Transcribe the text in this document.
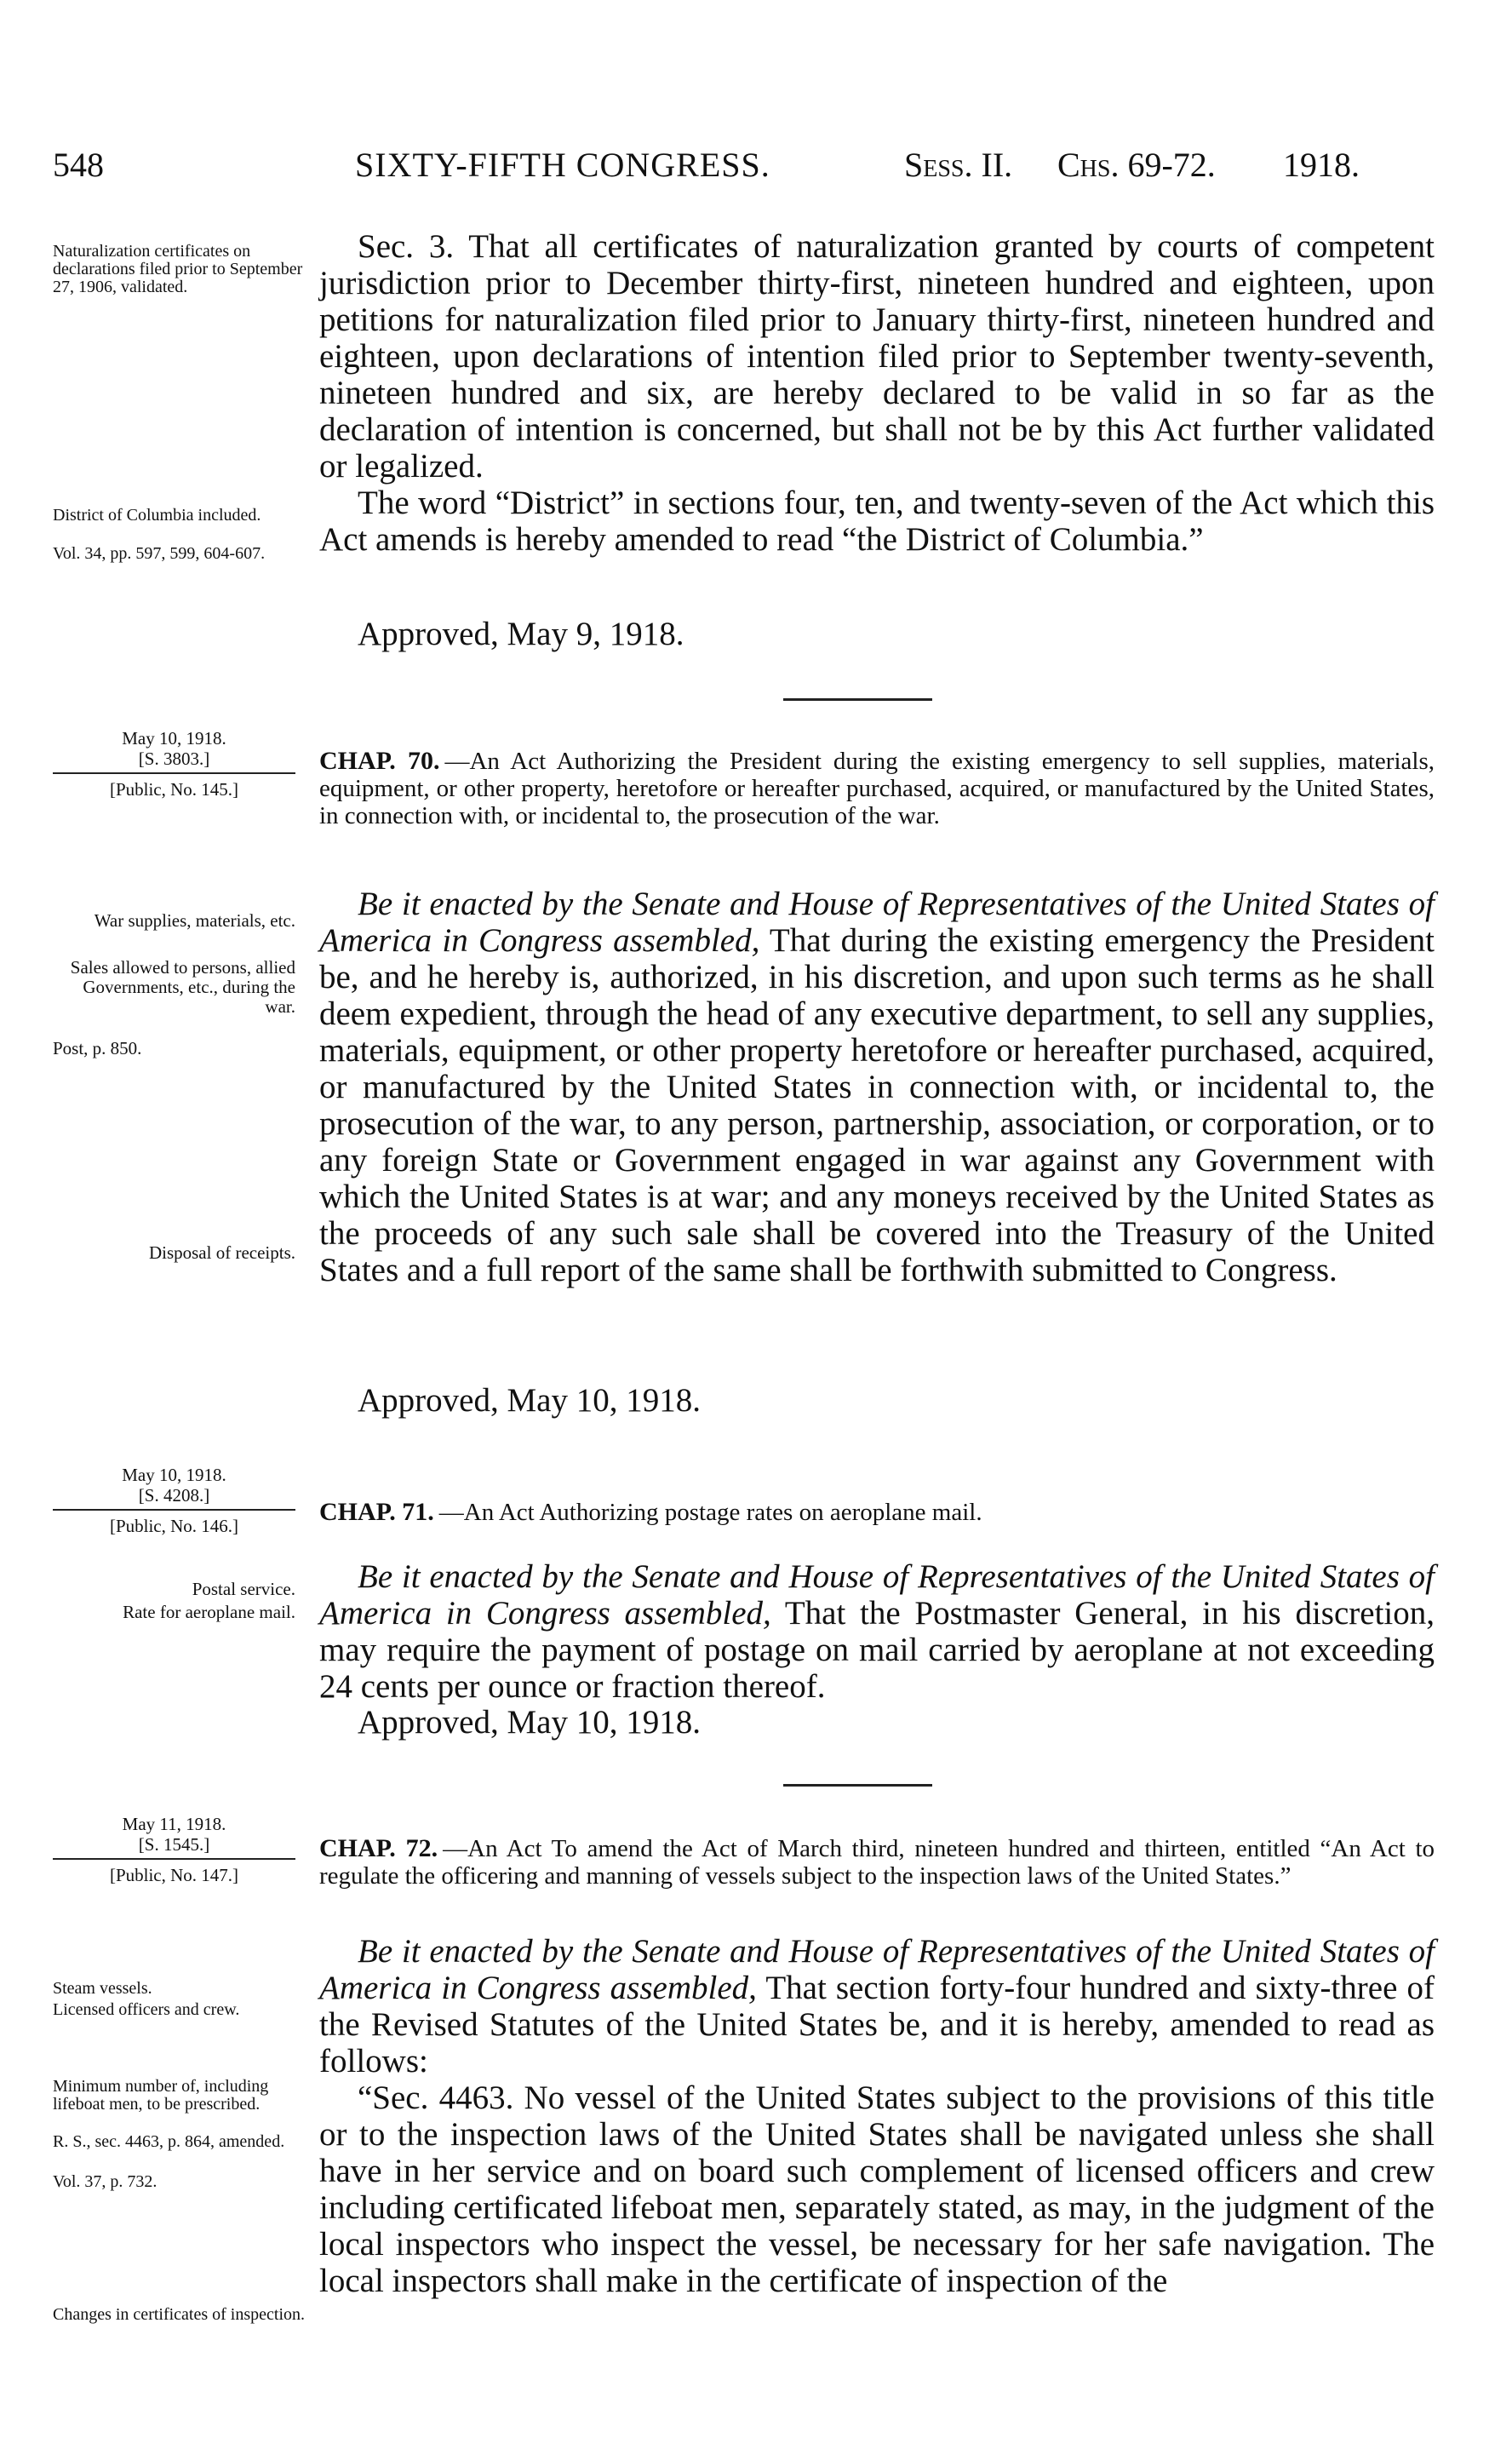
548	SIXTY-FIFTH CONGRESS.	Sess. II. Chs. 69-72. 1918.
Naturalization certificates on declarations filed prior to September 27, 1906, validated.
District of Columbia included.
Vol. 34, pp. 597, 599, 604-607.

Sec. 3. That all certificates of naturalization granted by courts of competent jurisdiction prior to December thirty-first, nineteen hundred and eighteen, upon petitions for naturalization filed prior to January thirty-first, nineteen hundred and eighteen, upon declarations of intention filed prior to September twenty-seventh, nineteen hundred and six, are hereby declared to be valid in so far as the declaration of intention is concerned, but shall not be by this Act further validated or legalized.

The word “District” in sections four, ten, and twenty-seven of the Act which this Act amends is hereby amended to read “the District of Columbia.”

Approved, May 9, 1918.
May 10, 1918.
[S. 3803.]
[Public, No. 145.]
CHAP. 70. —An Act Authorizing the President during the existing emergency to sell supplies, materials, equipment, or other property, heretofore or hereafter purchased, acquired, or manufactured by the United States, in connection with, or incidental to, the prosecution of the war.
War supplies, materials, etc.
Sales allowed to persons, allied Governments, etc., during the war.
Post, p. 850.
Disposal of receipts.

Be it enacted by the Senate and House of Representatives of the United States of America in Congress assembled, That during the existing emergency the President be, and he hereby is, authorized, in his discretion, and upon such terms as he shall deem expedient, through the head of any executive department, to sell any supplies, materials, equipment, or other property heretofore or hereafter purchased, acquired, or manufactured by the United States in connection with, or incidental to, the prosecution of the war, to any person, partnership, association, or corporation, or to any foreign State or Government engaged in war against any Government with which the United States is at war; and any moneys received by the United States as the proceeds of any such sale shall be covered into the Treasury of the United States and a full report of the same shall be forthwith submitted to Congress.

Approved, May 10, 1918.
May 10, 1918.
[S. 4208.]
[Public, No. 146.]	CHAP. 71. —An Act Authorizing postage rates on aeroplane mail.
Postal service.
Rate for aeroplane mail.

Be it enacted by the Senate and House of Representatives of the United States of America in Congress assembled, That the Postmaster General, in his discretion, may require the payment of postage on mail carried by aeroplane at not exceeding 24 cents per ounce or fraction thereof.

Approved, May 10, 1918.
May 11, 1918.
[S. 1545.]
[Public, No. 147.]
CHAP. 72. —An Act To amend the Act of March third, nineteen hundred and thirteen, entitled “An Act to regulate the officering and manning of vessels subject to the inspection laws of the United States.”
Steam vessels.
Licensed officers and crew.
Minimum number of, including lifeboat men, to be prescribed.
R. S., sec. 4463, p. 864, amended.
Vol. 37, p. 732.
Changes in certificates of inspection.

Be it enacted by the Senate and House of Representatives of the United States of America in Congress assembled, That section forty-four hundred and sixty-three of the Revised Statutes of the United States be, and it is hereby, amended to read as follows:

“Sec. 4463. No vessel of the United States subject to the provisions of this title or to the inspection laws of the United States shall be navigated unless she shall have in her service and on board such complement of licensed officers and crew including certificated lifeboat men, separately stated, as may, in the judgment of the local inspectors who inspect the vessel, be necessary for her safe navigation. The local inspectors shall make in the certificate of inspection of the
